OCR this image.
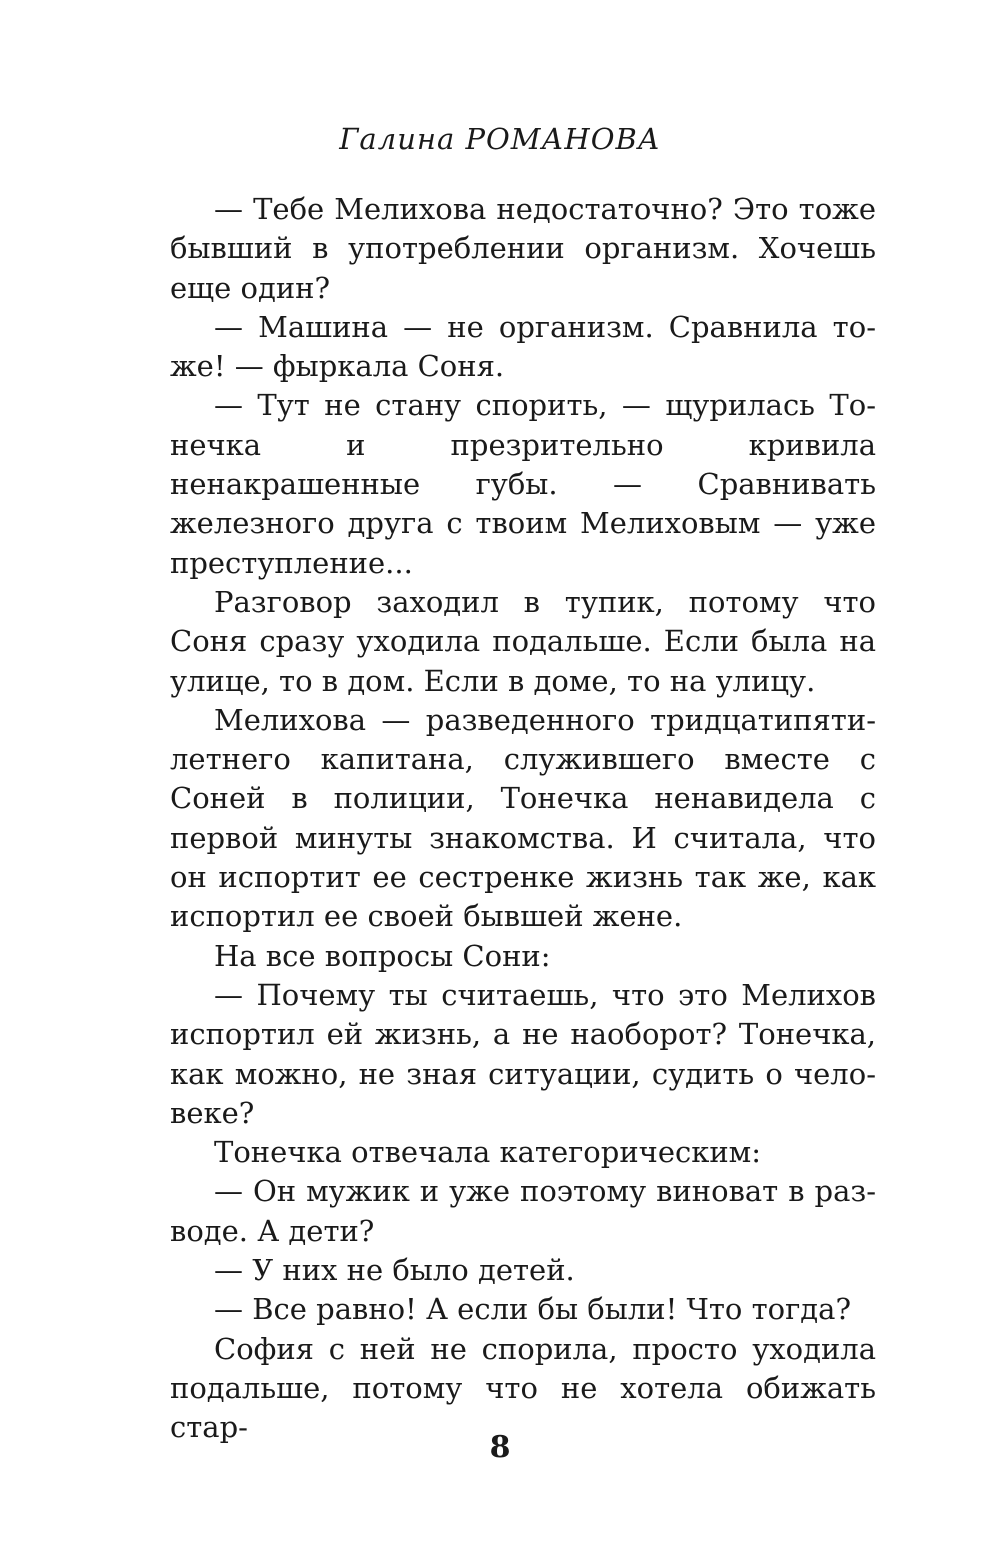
Галина РОМАНОВА

— Тебе Мелихова недостаточно? Это тоже бывший в употреблении организм. Хочешь еще один?

— Машина — не организм. Сравнила тоже! — фыркала Соня.

— Тут не стану спорить, — щурилась Тонечка и презрительно кривила ненакрашенные губы. — Сравнивать железного друга с твоим Мелиховым — уже преступление...

Разговор заходил в тупик, потому что Соня сразу уходила подальше. Если была на улице, то в дом. Если в доме, то на улицу.

Мелихова — разведенного тридцатипятилетнего капитана, служившего вместе с Соней в полиции, Тонечка ненавидела с первой минуты знакомства. И считала, что он испортит ее сестренке жизнь так же, как испортил ее своей бывшей жене.

На все вопросы Сони:

— Почему ты считаешь, что это Мелихов испортил ей жизнь, а не наоборот? Тонечка, как можно, не зная ситуации, судить о человеке?

Тонечка отвечала категорическим:

— Он мужик и уже поэтому виноват в разводе. А дети?

— У них не было детей.

— Все равно! А если бы были! Что тогда?

София с ней не спорила, просто уходила подальше, потому что не хотела обижать стар-

8
